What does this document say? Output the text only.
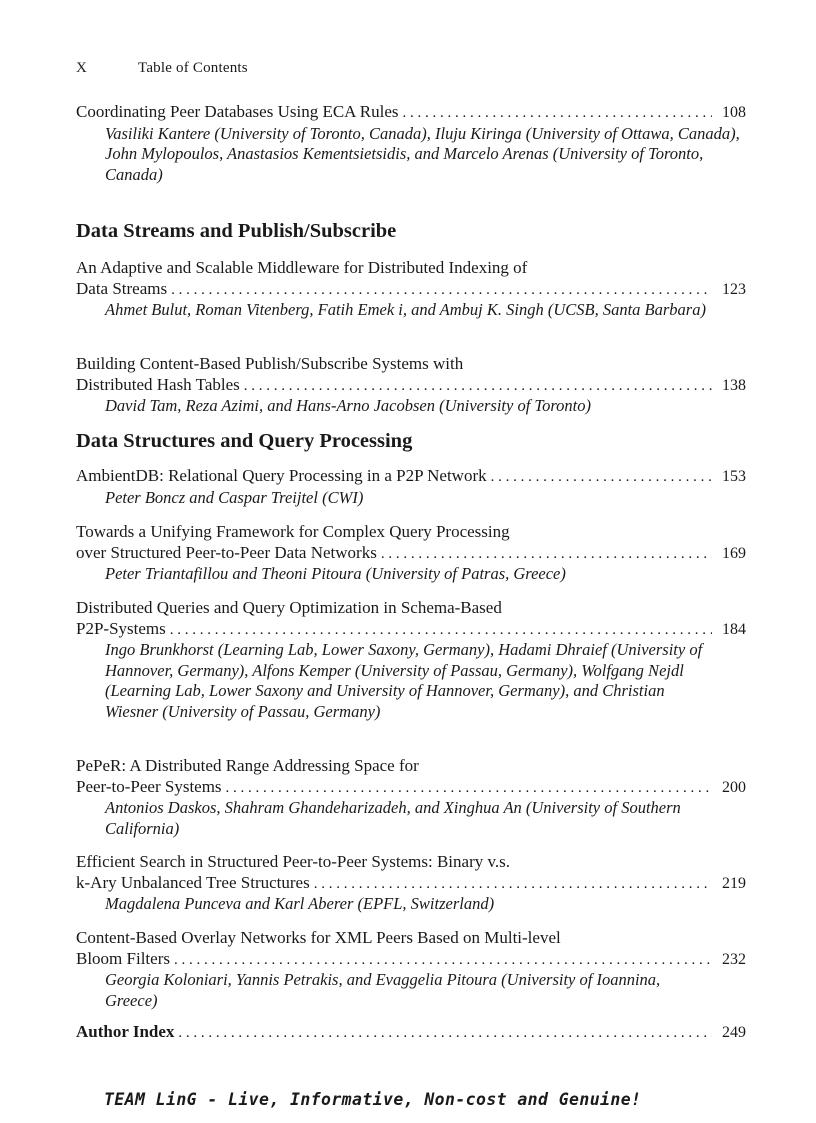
X	Table of Contents
Coordinating Peer Databases Using ECA Rules . . .	108
Vasiliki Kantere (University of Toronto, Canada), Iluju Kiringa (University of Ottawa, Canada), John Mylopoulos, Anastasios Kementsietsidis, and Marcelo Arenas (University of Toronto, Canada)
Data Streams and Publish/Subscribe
An Adaptive and Scalable Middleware for Distributed Indexing of
Data Streams . . .	123
Ahmet Bulut, Roman Vitenberg, Fatih Emek i, and Ambuj K. Singh (UCSB, Santa Barbara)
Building Content-Based Publish/Subscribe Systems with
Distributed Hash Tables . . .	138
David Tam, Reza Azimi, and Hans-Arno Jacobsen (University of Toronto)
Data Structures and Query Processing
AmbientDB: Relational Query Processing in a P2P Network . . .	153
Peter Boncz and Caspar Treijtel (CWI)
Towards a Unifying Framework for Complex Query Processing
over Structured Peer-to-Peer Data Networks . . .	169
Peter Triantafillou and Theoni Pitoura (University of Patras, Greece)
Distributed Queries and Query Optimization in Schema-Based
P2P-Systems . . .	184
Ingo Brunkhorst (Learning Lab, Lower Saxony, Germany), Hadami Dhraief (University of Hannover, Germany), Alfons Kemper (University of Passau, Germany), Wolfgang Nejdl (Learning Lab, Lower Saxony and University of Hannover, Germany), and Christian Wiesner (University of Passau, Germany)
PePeR: A Distributed Range Addressing Space for
Peer-to-Peer Systems . . .	200
Antonios Daskos, Shahram Ghandeharizadeh, and Xinghua An (University of Southern California)
Efficient Search in Structured Peer-to-Peer Systems: Binary v.s.
k-Ary Unbalanced Tree Structures . . .	219
Magdalena Punceva and Karl Aberer (EPFL, Switzerland)
Content-Based Overlay Networks for XML Peers Based on Multi-level
Bloom Filters . . .	232
Georgia Koloniari, Yannis Petrakis, and Evaggelia Pitoura (University of Ioannina, Greece)
Author Index . . .	249
TEAM LinG - Live, Informative, Non-cost and Genuine!
